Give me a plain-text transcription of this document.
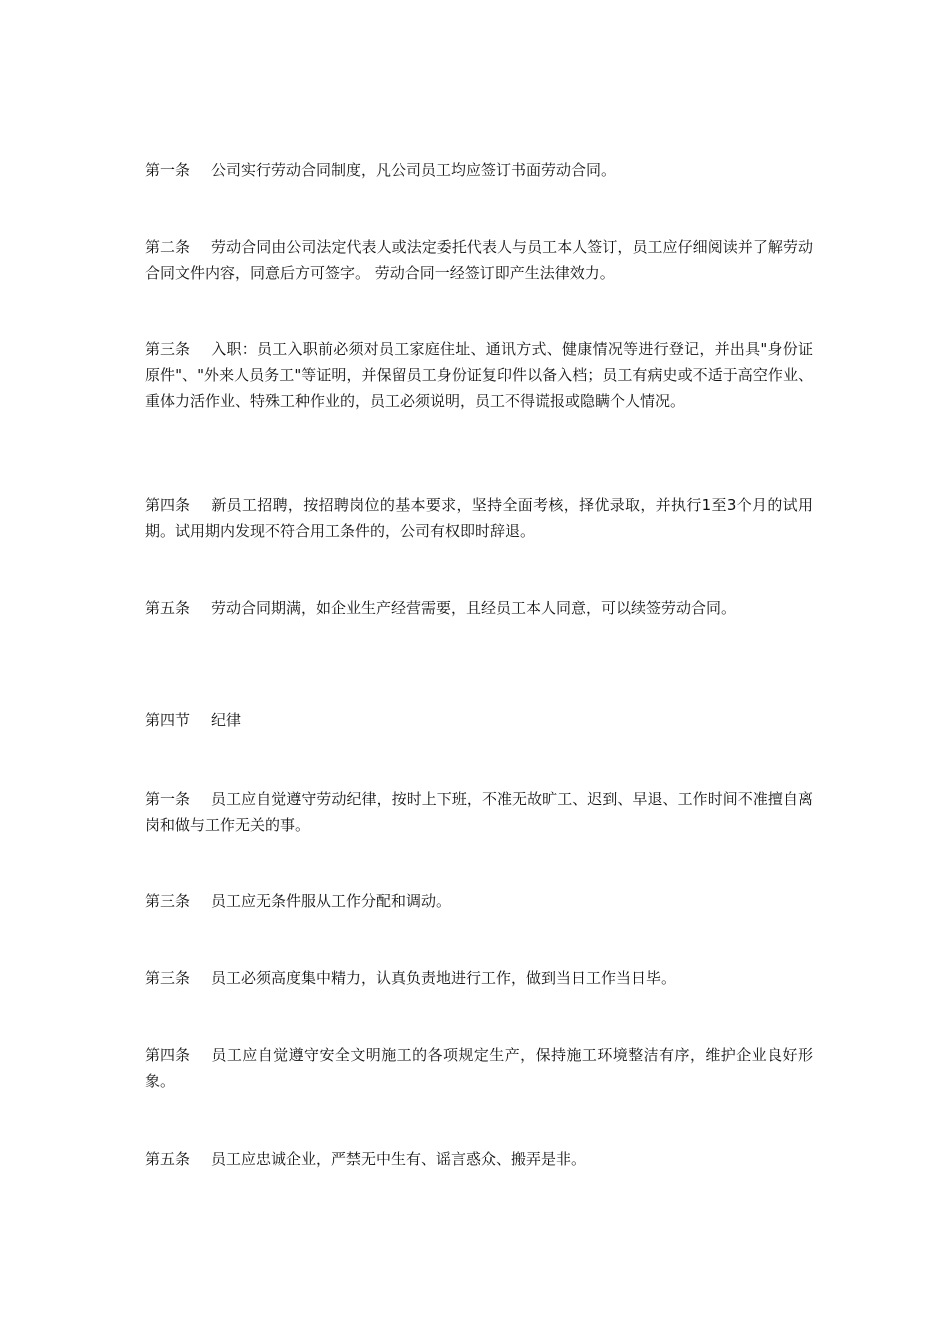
第一条 公司实行劳动合同制度，凡公司员工均应签订书面劳动合同。

第二条 劳动合同由公司法定代表人或法定委托代表人与员工本人签订，员工应仔细阅读并了解劳动合同文件内容，同意后方可签字。 劳动合同一经签订即产生法律效力。

第三条 入职：员工入职前必须对员工家庭住址、通讯方式、健康情况等进行登记，并出具"身份证原件"、"外来人员务工"等证明，并保留员工身份证复印件以备入档；员工有病史或不适于高空作业、重体力活作业、特殊工种作业的，员工必须说明，员工不得谎报或隐瞒个人情况。

第四条 新员工招聘，按招聘岗位的基本要求，坚持全面考核，择优录取，并执行1至3个月的试用期。试用期内发现不符合用工条件的，公司有权即时辞退。

第五条 劳动合同期满，如企业生产经营需要，且经员工本人同意，可以续签劳动合同。

第四节 纪律

第一条 员工应自觉遵守劳动纪律，按时上下班，不准无故旷工、迟到、早退、工作时间不准擅自离岗和做与工作无关的事。

第三条 员工应无条件服从工作分配和调动。

第三条 员工必须高度集中精力，认真负责地进行工作，做到当日工作当日毕。

第四条 员工应自觉遵守安全文明施工的各项规定生产，保持施工环境整洁有序，维护企业良好形象。

第五条 员工应忠诚企业，严禁无中生有、谣言惑众、搬弄是非。
